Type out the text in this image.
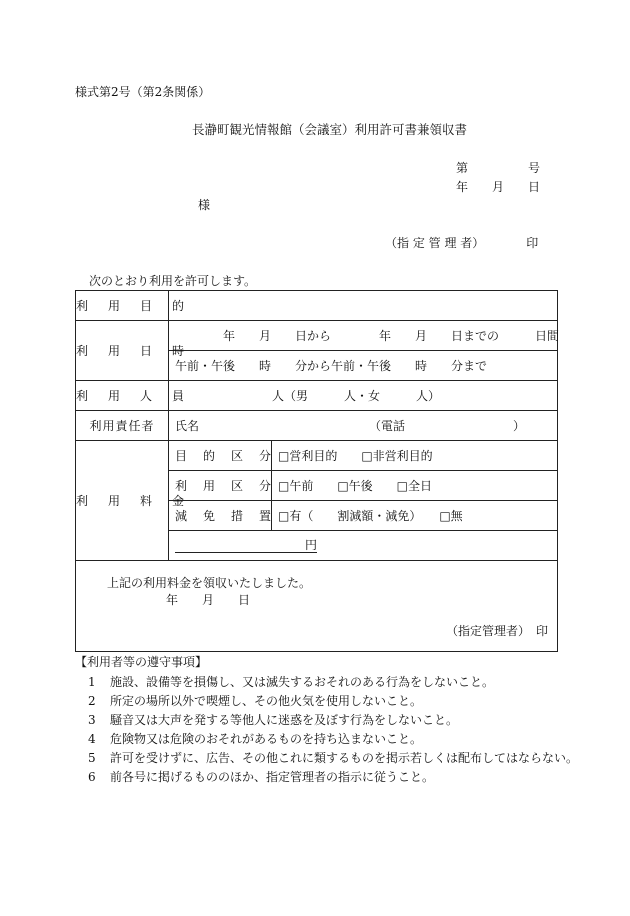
様式第2号（第2条関係）
長瀞町観光情報館（会議室）利用許可書兼領収書
第　　　　　号
年　　月　　日
様
（指 定 管 理 者）　　　　印
次のとおり利用を許可します。
利　用　目　的		
利　用　日　時	　　　　年　　月　　日から　　　　年　　月　　日までの　　　日間	
	午前・午後　　時　　分から午前・午後　　時　　分まで	
利　用　人　員	人（男　　　人・女　　　人）	
利用責任者	氏名 （電話　　　　　　　　　）	
利　用　料　金	目 的 区 分	□営利目的　　□非営利目的
	利 用 区 分	□午前　　□午後　　□全日
	減 免 措 置	□有（　　割減額・減免）　　□無
	円	

上記の利用料金を領収いたしました。

年　　月　　日

（指定管理者）　印		

【利用者等の遵守事項】
1 施設、設備等を損傷し、又は滅失するおそれのある行為をしないこと。
2 所定の場所以外で喫煙し、その他火気を使用しないこと。
3 騒音又は大声を発する等他人に迷惑を及ぼす行為をしないこと。
4 危険物又は危険のおそれがあるものを持ち込まないこと。
5 許可を受けずに、広告、その他これに類するものを掲示若しくは配布してはならない。
6 前各号に掲げるもののほか、指定管理者の指示に従うこと。
